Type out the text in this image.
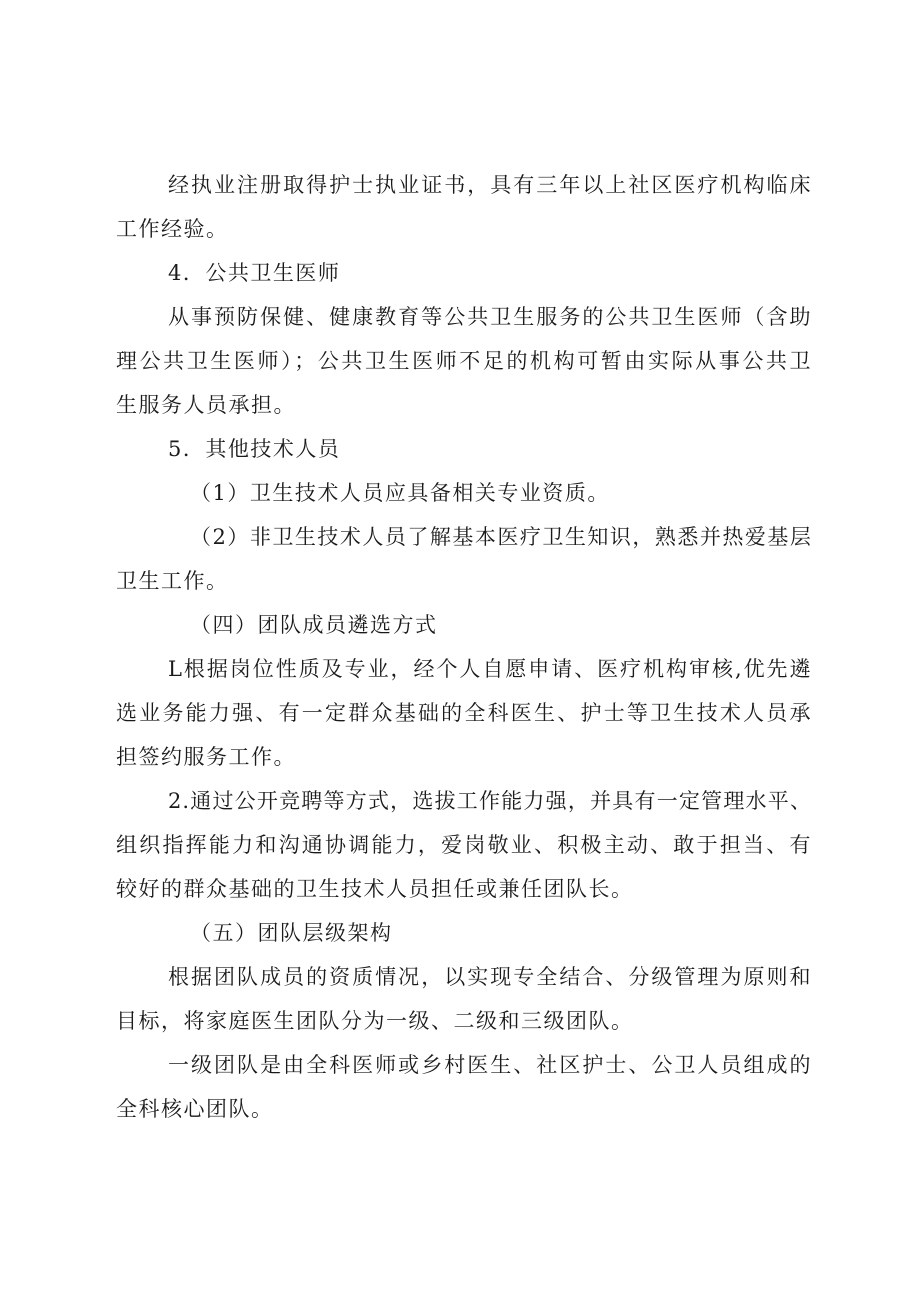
经执业注册取得护士执业证书，具有三年以上社区医疗机构临床
工作经验。
4．公共卫生医师
从事预防保健、健康教育等公共卫生服务的公共卫生医师（含助
理公共卫生医师）；公共卫生医师不足的机构可暂由实际从事公共卫
生服务人员承担。
5．其他技术人员
（1）卫生技术人员应具备相关专业资质。
（2）非卫生技术人员了解基本医疗卫生知识，熟悉并热爱基层
卫生工作。
（四）团队成员遴选方式
L根据岗位性质及专业，经个人自愿申请、医疗机构审核,优先遴
选业务能力强、有一定群众基础的全科医生、护士等卫生技术人员承
担签约服务工作。
2.通过公开竞聘等方式，选拔工作能力强，并具有一定管理水平、
组织指挥能力和沟通协调能力，爱岗敬业、积极主动、敢于担当、有
较好的群众基础的卫生技术人员担任或兼任团队长。
（五）团队层级架构
根据团队成员的资质情况，以实现专全结合、分级管理为原则和
目标，将家庭医生团队分为一级、二级和三级团队。
一级团队是由全科医师或乡村医生、社区护士、公卫人员组成的
全科核心团队。
